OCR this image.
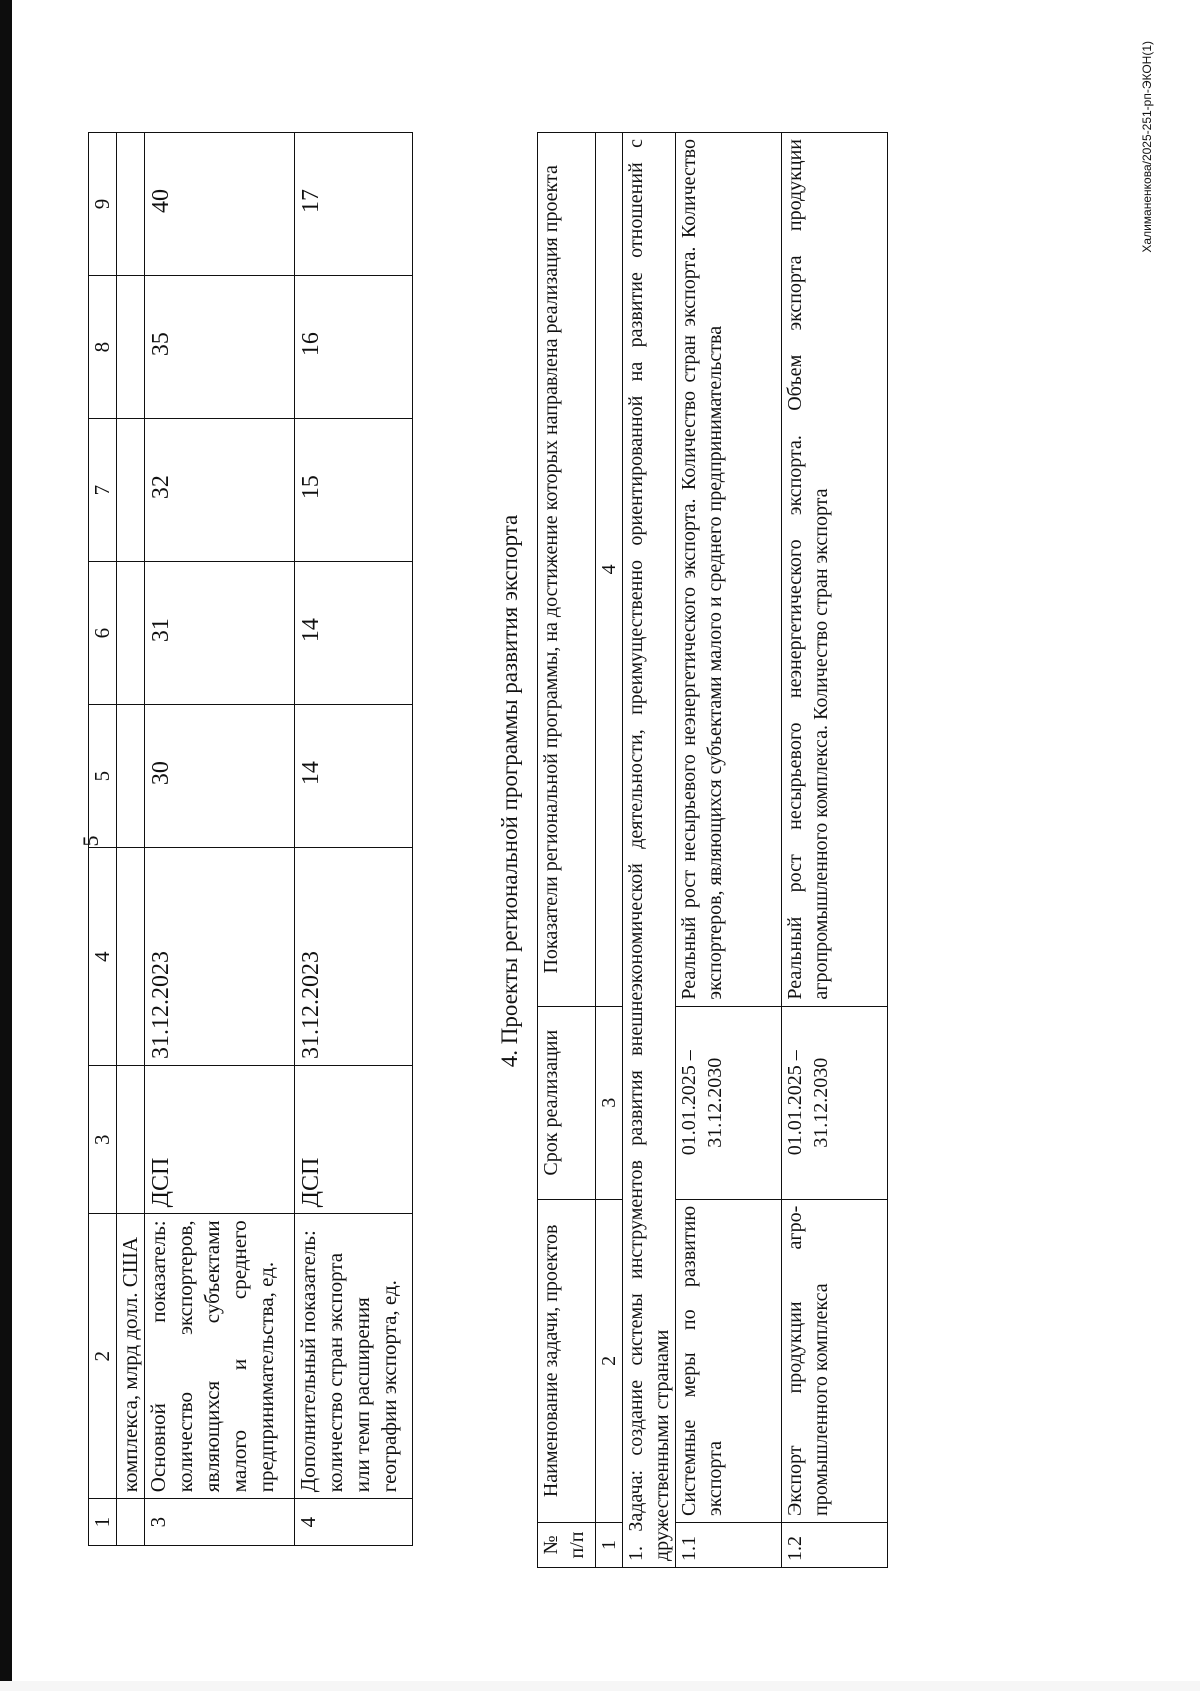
5
1	2	3	4	5	6	7	8	9
	комплекса, млрд долл. США							
3	Основной показатель: количество экспортеров, являющихся субъектами малого и среднего предпринимательства, ед.	ДСП	31.12.2023	30	31	32	35	40
4	Дополнительный показатель: количество стран экспорта или темп расширения географии экспорта, ед.	ДСП	31.12.2023	14	14	15	16	17
4. Проекты региональной программы развития экспорта
№ п/п	Наименование задачи, проектов	Срок реализации	Показатели региональной программы, на достижение которых направлена реализация проекта
1	2	3	4
1. Задача: создание системы инструментов развития внешнеэкономической деятельности, преимущественно ориентированной на развитие отношений с дружественными странами			
1.1	Системные меры по развитию экспорта	01.01.2025 – 31.12.2030	Реальный рост несырьевого неэнергетического экспорта. Количество стран экспорта. Количество экспортеров, являющихся субъектами малого и среднего предпринимательства
1.2	Экспорт продукции агро-промышленного комплекса	01.01.2025 – 31.12.2030	Реальный рост несырьевого неэнергетического экспорта. Объем экспорта продукции агропромышленного комплекса. Количество стран экспорта
Халиманенкова/2025-251-рп-ЭКОН(1)
